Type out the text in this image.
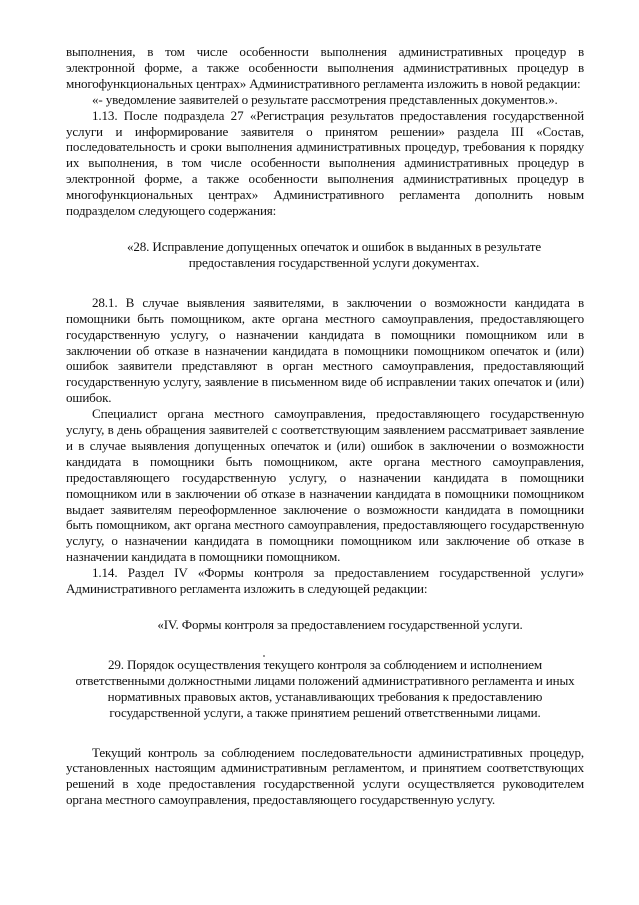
выполнения, в том числе особенности выполнения административных процедур в электронной форме, а также особенности выполнения административных процедур в многофункциональных центрах» Административного регламента изложить в новой редакции:

«- уведомление заявителей о результате рассмотрения представленных документов.».

1.13. После подраздела 27 «Регистрация результатов предоставления государственной услуги и информирование заявителя о принятом решении» раздела III «Состав, последовательность и сроки выполнения административных процедур, требования к порядку их выполнения, в том числе особенности выполнения административных процедур в электронной форме, а также особенности выполнения административных процедур в многофункциональных центрах» Административного регламента дополнить новым подразделом следующего содержания:

«28. Исправление допущенных опечаток и ошибок в выданных в результате предоставления государственной услуги документах.

28.1. В случае выявления заявителями, в заключении о возможности кандидата в помощники быть помощником, акте органа местного самоуправления, предоставляющего государственную услугу, о назначении кандидата в помощники помощником или в заключении об отказе в назначении кандидата в помощники помощником опечаток и (или) ошибок заявители представляют в орган местного самоуправления, предоставляющий государственную услугу, заявление в письменном виде об исправлении таких опечаток и (или) ошибок.

Специалист органа местного самоуправления, предоставляющего государственную услугу, в день обращения заявителей с соответствующим заявлением рассматривает заявление и в случае выявления допущенных опечаток и (или) ошибок в заключении о возможности кандидата в помощники быть помощником, акте органа местного самоуправления, предоставляющего государственную услугу, о назначении кандидата в помощники помощником или в заключении об отказе в назначении кандидата в помощники помощником выдает заявителям переоформленное заключение о возможности кандидата в помощники быть помощником, акт органа местного самоуправления, предоставляющего государственную услугу, о назначении кандидата в помощники помощником или заключение об отказе в назначении кандидата в помощники помощником.

1.14. Раздел IV «Формы контроля за предоставлением государственной услуги» Административного регламента изложить в следующей редакции:

«IV. Формы контроля за предоставлением государственной услуги.

29. Порядок осуществления текущего контроля за соблюдением и исполнением ответственными должностными лицами положений административного регламента и иных нормативных правовых актов, устанавливающих требования к предоставлению государственной услуги, а также принятием решений ответственными лицами.

Текущий контроль за соблюдением последовательности административных процедур, установленных настоящим административным регламентом, и принятием соответствующих решений в ходе предоставления государственной услуги осуществляется руководителем органа местного самоуправления, предоставляющего государственную услугу.
